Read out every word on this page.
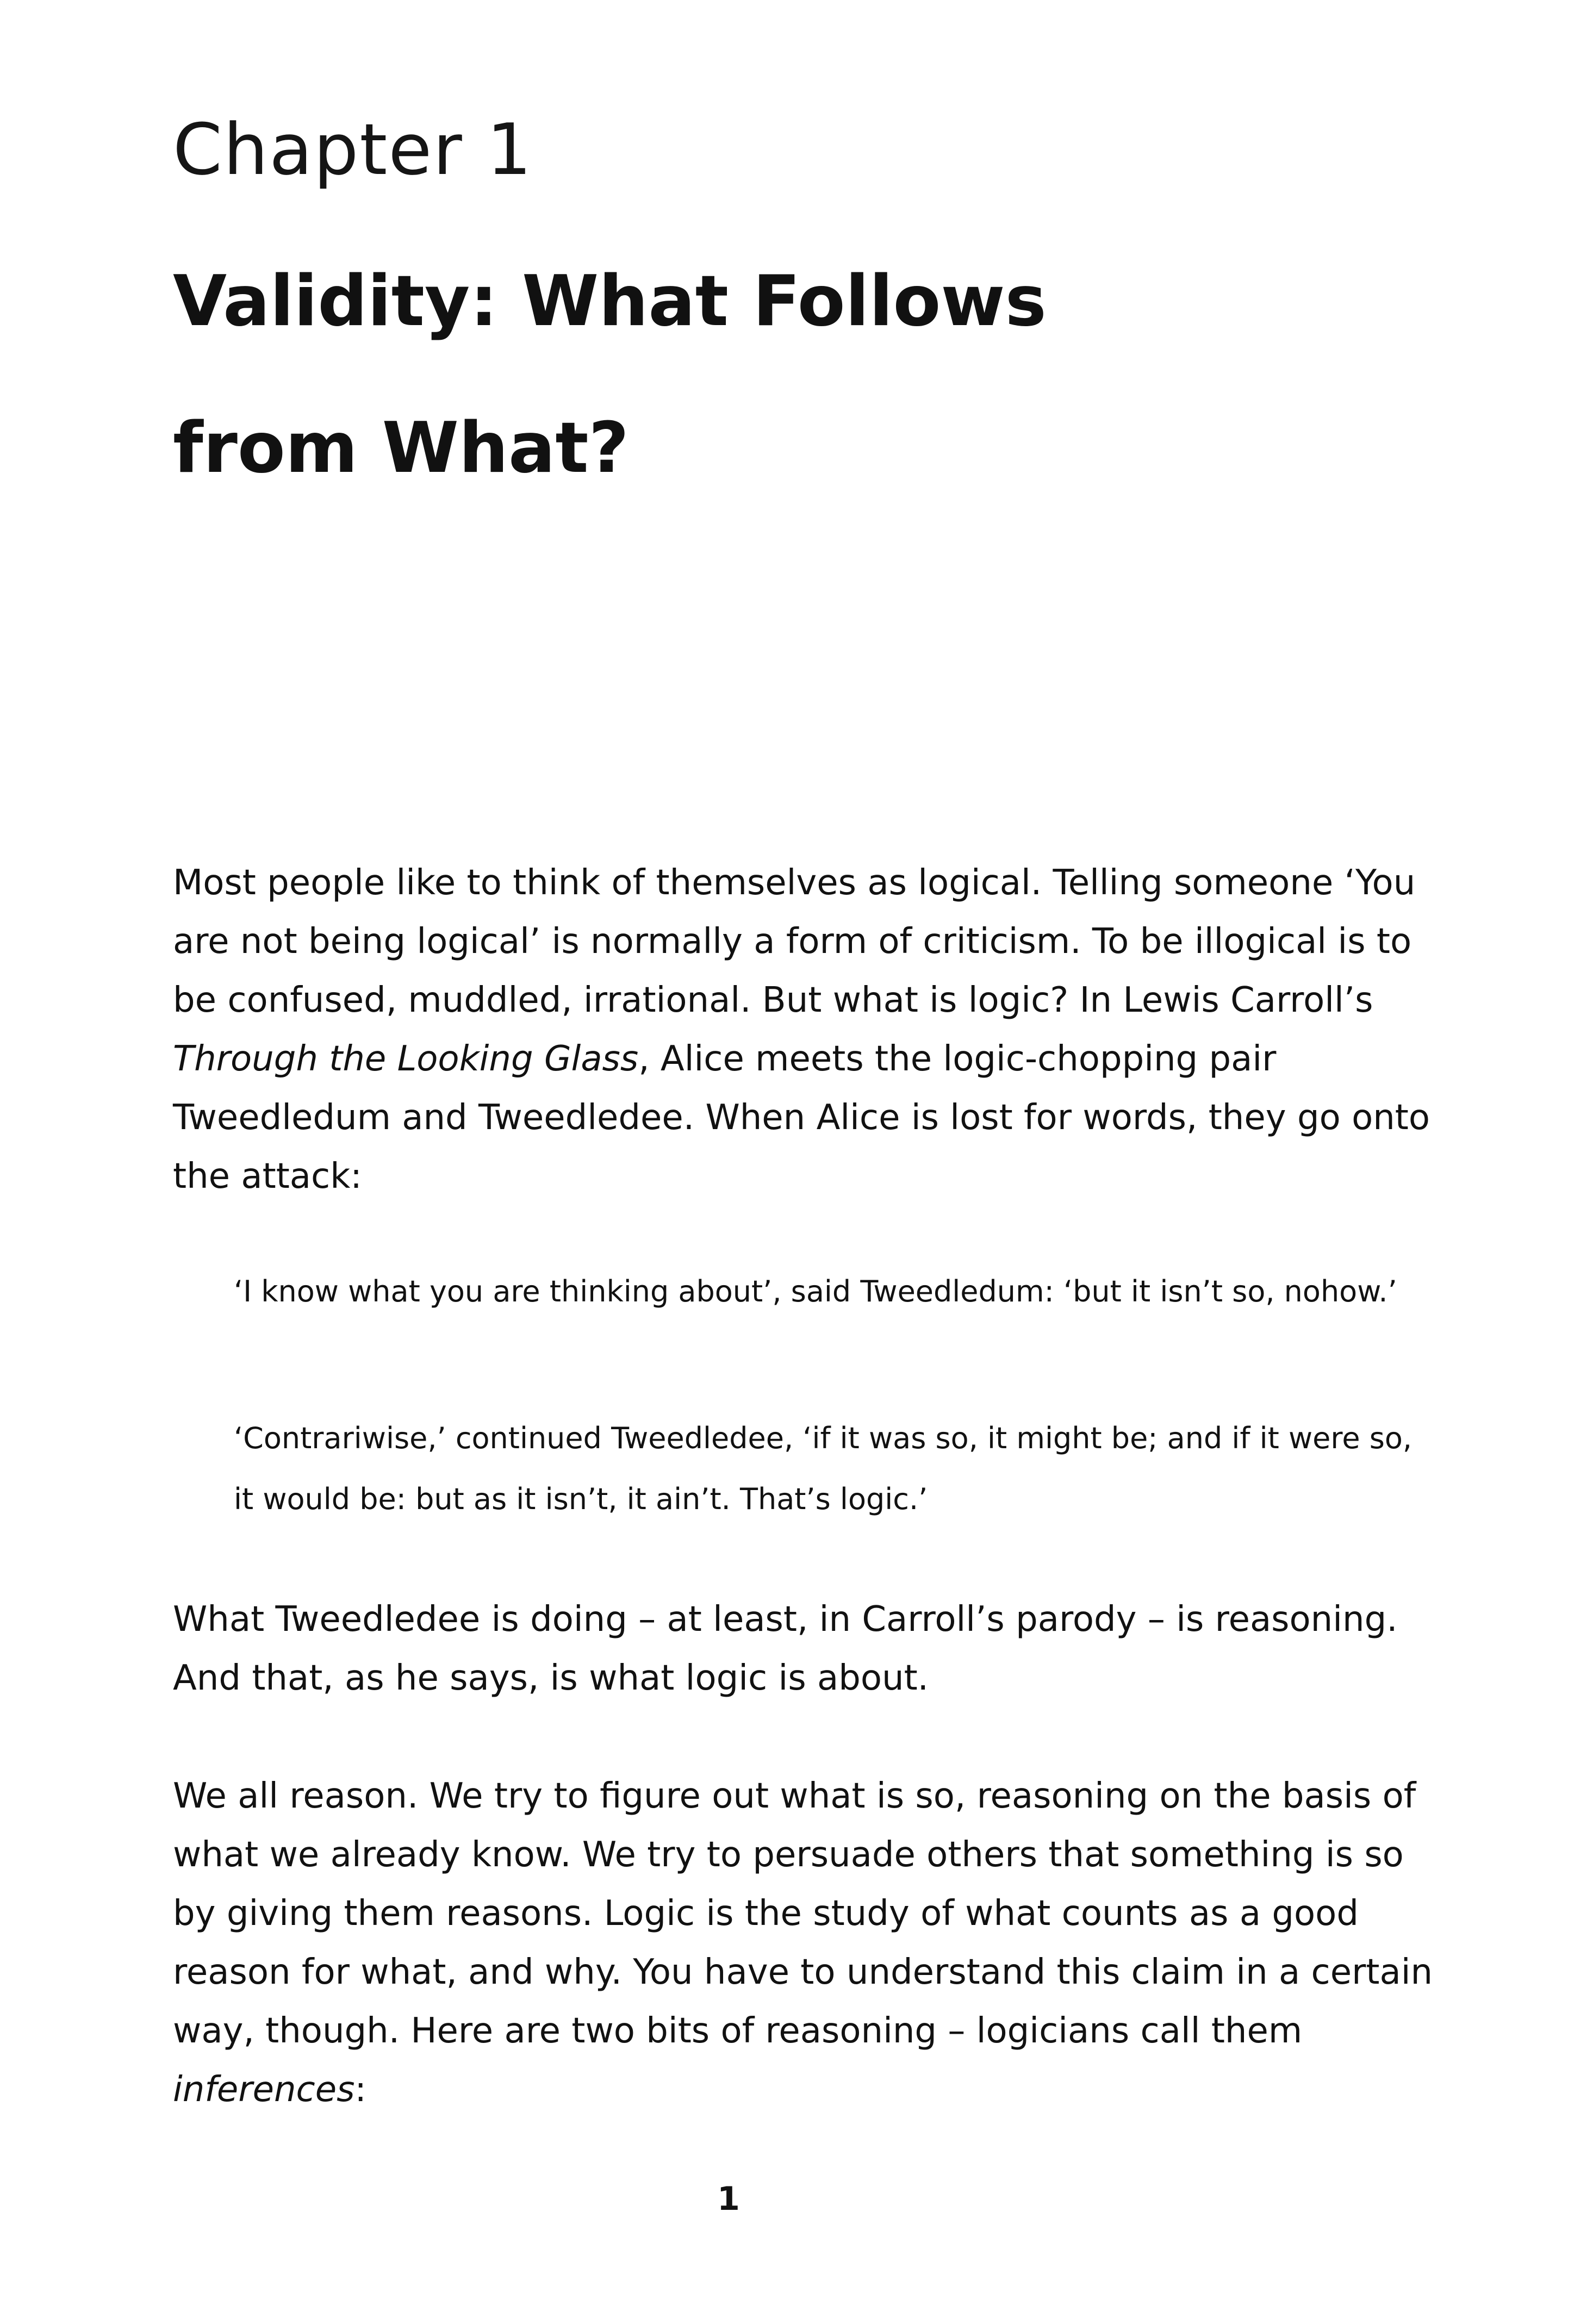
Chapter 1
Validity: What Follows
from What?

Most people like to think of themselves as logical. Telling someone ‘You are not being logical’ is normally a form of criticism. To be illogical is to be confused, muddled, irrational. But what is logic? In Lewis Carroll’s Through the Looking Glass, Alice meets the logic-chopping pair Tweedledum and Tweedledee. When Alice is lost for words, they go onto the attack:

‘I know what you are thinking about’, said Tweedledum: ‘but it isn’t so, nohow.’

‘Contrariwise,’ continued Tweedledee, ‘if it was so, it might be; and if it were so, it would be: but as it isn’t, it ain’t. That’s logic.’

What Tweedledee is doing – at least, in Carroll’s parody – is reasoning. And that, as he says, is what logic is about.

We all reason. We try to figure out what is so, reasoning on the basis of what we already know. We try to persuade others that something is so by giving them reasons. Logic is the study of what counts as a good reason for what, and why. You have to understand this claim in a certain way, though. Here are two bits of reasoning – logicians call them inferences:

1
